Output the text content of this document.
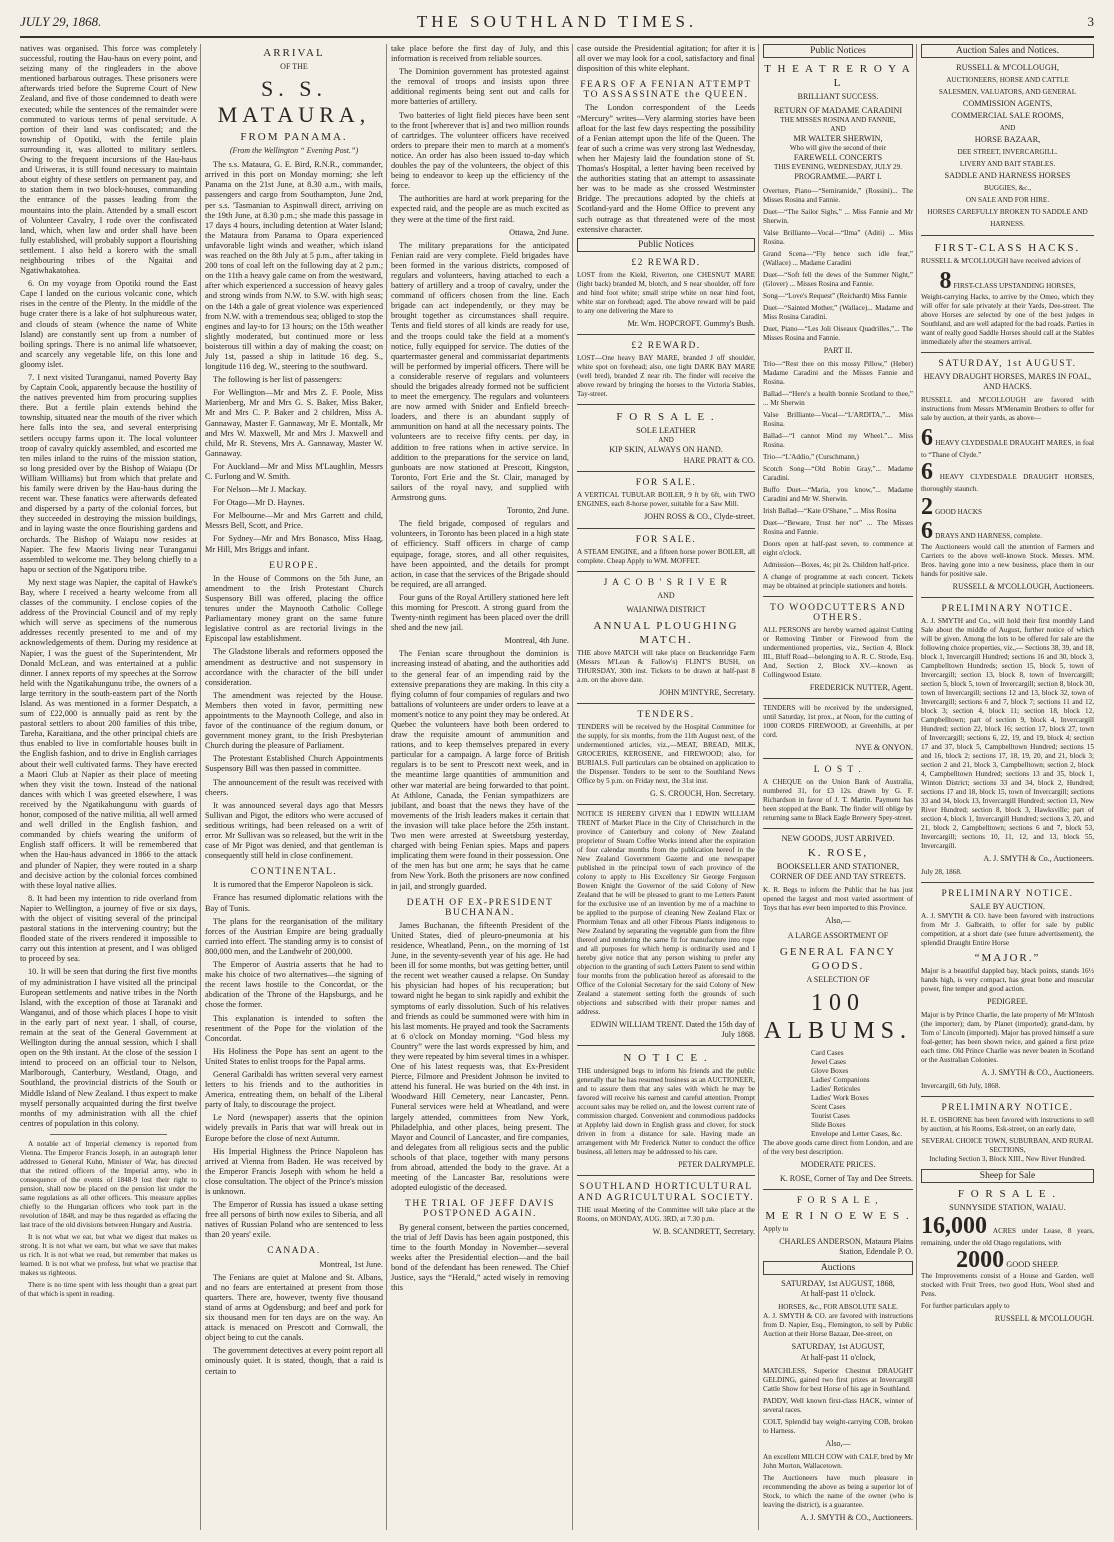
JULY 29, 1868.	THE SOUTHLAND TIMES.	3

natives was organised. This force was completely successful, routing the Hau-haus on every point, and seizing many of the ringleaders in the above mentioned barbarous outrages. These prisoners were afterwards tried before the Supreme Court of New Zealand, and five of those condemned to death were executed; while the sentences of the remainder were commuted to various terms of penal servitude. A portion of their land was confiscated; and the township of Opotiki, with the fertile plain surrounding it, was allotted to military settlers. Owing to the frequent incursions of the Hau-haus and Uriweras, it is still found necessary to maintain about eighty of these settlers on permanent pay, and to station them in two block-houses, commanding the entrance of the passes leading from the mountains into the plain. Attended by a small escort of Volunteer Cavalry, I rode over the confiscated land, which, when law and order shall have been fully established, will probably support a flourishing settlement. I also held a korero with the small neighbouring tribes of the Ngaitai and Ngatiwhakatohea.

6. On my voyage from Opotiki round the East Cape I landed on the curious volcanic cone, which rises in the centre of the Plenty. In the middle of the huge crater there is a lake of hot sulphureous water, and clouds of steam (whence the name of White Island) are constantly sent up from a number of boiling springs. There is no animal life whatsoever, and scarcely any vegetable life, on this lone and gloomy islet.

7. I next visited Turanganui, named Poverty Bay by Captain Cook, apparently because the hostility of the natives prevented him from procuring supplies there. But a fertile plain extends behind the township, situated near the mouth of the river which here falls into the sea, and several enterprising settlers occupy farms upon it. The local volunteer troop of cavalry quickly assembled, and escorted me ten miles inland to the ruins of the mission station, so long presided over by the Bishop of Waiapu (Dr William Williams) but from which that prelate and his family were driven by the Hau-haus during the recent war. These fanatics were afterwards defeated and dispersed by a party of the colonial forces, but they succeeded in destroying the mission buildings, and in laying waste the once flourishing gardens and orchards. The Bishop of Waiapu now resides at Napier. The few Maoris living near Turanganui assembled to welcome me. They belong chiefly to a hapu or section of the Ngatiporu tribe.

My next stage was Napier, the capital of Hawke's Bay, where I received a hearty welcome from all classes of the community. I enclose copies of the address of the Provincial Council and of my reply which will serve as specimens of the numerous addresses recently presented to me and of my acknowledgements of them. During my residence at Napier, I was the guest of the Superintendent, Mr Donald McLean, and was entertained at a public dinner. I annex reports of my speeches at the Sorrow held with the Ngatikahungunu tribe, the owners of a large territory in the south-eastern part of the North Island. As was mentioned in a former Despatch, a sum of £22,000 is annually paid as rent by the pastoral settlers to about 200 families of this tribe, Tareha, Karaitiana, and the other principal chiefs are thus enabled to live in comfortable houses built in the English fashion, and to drive in English carriages about their well cultivated farms. They have erected a Maori Club at Napier as their place of meeting when they visit the town. Instead of the national dances with which I was greeted elsewhere, I was received by the Ngatikahungunu with guards of honor, composed of the native militia, all well armed and well drilled in the English fashion, and commanded by chiefs wearing the uniform of English staff officers. It will be remembered that when the Hau-haus advanced in 1866 to the attack and plunder of Napier, they were routed in a sharp and decisive action by the colonial forces combined with these loyal native allies.

8. It had been my intention to ride overland from Napier to Wellington, a journey of five or six days, with the object of visiting several of the principal pastoral stations in the intervening country; but the flooded state of the rivers rendered it impossible to carry out this intention at present, and I was obliged to proceed by sea.

10. It will be seen that during the first five months of my administration I have visited all the principal European settlements and native tribes in the North Island, with the exception of those at Taranaki and Wanganui, and of those which places I hope to visit in the early part of next year. I shall, of course, remain at the seat of the General Government at Wellington during the annual session, which I shall open on the 9th instant. At the close of the session I intend to proceed on an official tour to Nelson, Marlborough, Canterbury, Westland, Otago, and Southland, the provincial districts of the South or Middle Island of New Zealand. I thus expect to make myself personally acquainted during the first twelve months of my administration with all the chief centres of population in this colony.

A notable act of Imperial clemency is reported from Vienna. The Emperor Francis Joseph, in an autograph letter addressed to General Kuhn, Minister of War, has directed that the retired officers of the Imperial army, who in consequence of the events of 1848-9 lost their right to pension, shall now be placed on the pension list under the same regulations as all other officers. This measure applies chiefly to the Hungarian officers who took part in the revolution of 1848, and may be thus regarded as effacing the last trace of the old divisions between Hungary and Austria.

It is not what we eat, but what we digest that makes us strong. It is not what we earn, but what we save that makes us rich. It is not what we read, but remember that makes us learned. It is not what we profess, but what we practise that makes us righteous.

There is no time spent with less thought than a great part of that which is spent in reading.

ARRIVAL
OF THE
S. S. MATAURA,
FROM PANAMA.
(From the Wellington “ Evening Post.”)

The s.s. Mataura, G. E. Bird, R.N.R., commander, arrived in this port on Monday morning; she left Panama on the 21st June, at 8.30 a.m., with mails, passengers and cargo from Southampton, June 2nd, per s.s. 'Tasmanian to Aspinwall direct, arriving on the 19th June, at 8.30 p.m.; she made this passage in 17 days 4 hours, including detention at Water Island; the Mataura from Panama to Opara experienced unfavorable light winds and weather, which island was reached on the 8th July at 5 p.m., after taking in 200 tons of coal left on the following day at 2 p.m.; on the 11th a heavy gale came on from the westward, after which experienced a succession of heavy gales and strong winds from N.W. to S.W. with high seas; on the 14th a gale of great violence was experienced from N.W. with a tremendous sea; obliged to stop the engines and lay-to for 13 hours; on the 15th weather slightly moderated, but continued more or less boisterous till within a day of making the coast; on July 1st, passed a ship in latitude 16 deg. S., longitude 116 deg. W., steering to the southward.

The following is her list of passengers:

For Wellington—Mr and Mrs Z. F. Poole, Miss Marienberg, Mr and Mrs G. S. Baker, Miss Baker, Mr and Mrs C. P. Baker and 2 children, Miss A. Gannaway, Master F. Gannaway, Mr E. Montalk, Mr and Mrs W. Maxwell, Mr and Mrs J. Maxwell and child, Mr R. Stevens, Mrs A. Gannaway, Master W. Gannaway.

For Auckland—Mr and Miss M'Laughlin, Messrs C. Furlong and W. Smith.

For Nelson—Mr J. Mackay.

For Otago—Mr D. Haynes.

For Melbourne—Mr and Mrs Garrett and child, Messrs Bell, Scott, and Price.

For Sydney—Mr and Mrs Bonasco, Miss Haag, Mr Hill, Mrs Briggs and infant.

EUROPE.

In the House of Commons on the 5th June, an amendment to the Irish Protestant Church Suspensory Bill was offered, placing the office tenures under the Maynooth Catholic College Parliamentary money grant on the same future legislative control as are rectorial livings in the Episcopal law establishment.

The Gladstone liberals and reformers opposed the amendment as destructive and not suspensory in accordance with the character of the bill under consideration.

The amendment was rejected by the House. Members then voted in favor, permitting new appointments to the Maynooth College, and also in favor of the continuance of the regium donum, or government money grant, to the Irish Presbyterian Church during the pleasure of Parliament.

The Protestant Established Church Appointments Suspensory Bill was then passed in committee.

The announcement of the result was received with cheers.

It was announced several days ago that Messrs Sullivan and Pigot, the editors who were accused of seditious writings, had been released on a writ of error. Mr Sullivan was so released, but the writ in the case of Mr Pigot was denied, and that gentleman is consequently still held in close confinement.

CONTINENTAL.

It is rumored that the Emperor Napoleon is sick.

France has resumed diplomatic relations with the Bay of Tunis.

The plans for the reorganisation of the military forces of the Austrian Empire are being gradually carried into effect. The standing army is to consist of 800,000 men, and the Landwehr of 200,000.

The Emperor of Austria asserts that he had to make his choice of two alternatives—the signing of the recent laws hostile to the Concordat, or the abdication of the Throne of the Hapsburgs, and he chose the former.

This explanation is intended to soften the resentment of the Pope for the violation of the Concordat.

His Holiness the Pope has sent an agent to the United States to enlist troops for the Papal arms.

General Garibaldi has written several very earnest letters to his friends and to the authorities in America, entreating them, on behalf of the Liberal party of Italy, to discourage the project.

Le Nord (newspaper) asserts that the opinion widely prevails in Paris that war will break out in Europe before the close of next Autumn.

His Imperial Highness the Prince Napoleon has arrived at Vienna from Baden. He was received by the Emperor Francis Joseph with whom he held a close consultation. The object of the Prince's mission is unknown.

The Emperor of Russia has issued a ukase setting free all persons of birth now exiles to Siberia, and all natives of Russian Poland who are sentenced to less than 20 years' exile.

CANADA.

Montreal, 1st June.

The Fenians are quiet at Malone and St. Albans, and no fears are entertained at present from those quarters. There are, however, twenty five thousand stand of arms at Ogdensburg; and beef and pork for six thousand men for ten days are on the way. An attack is menaced on Prescott and Cornwall, the object being to cut the canals.

The government detectives at every point report all ominously quiet. It is stated, though, that a raid is certain to

take place before the first day of July, and this information is received from reliable sources.

The Dominion government has protested against the removal of troops and insists upon three additional regiments being sent out and calls for more batteries of artillery.

Two batteries of light field pieces have been sent to the front [wherever that is] and two million rounds of cartridges. The volunteer officers have received orders to prepare their men to march at a moment's notice. An order has also been issued to-day which doubles the pay of the volunteers, the object of this being to endeavor to keep up the efficiency of the force.

The authorities are hard at work preparing for the expected raid, and the people are as much excited as they were at the time of the first raid.

Ottawa, 2nd June.

The military preparations for the anticipated Fenian raid are very complete. Field brigades have been formed in the various districts, composed of regulars and volunteers, having attached to each a battery of artillery and a troop of cavalry, under the command of officers chosen from the line. Each brigade can act independently, or they may be brought together as circumstances shall require. Tents and field stores of all kinds are ready for use, and the troops could take the field at a moment's notice, fully equipped for service. The duties of the quartermaster general and commissariat departments will be performed by imperial officers. There will be a considerable reserve of regulars and volunteers should the brigades already formed not be sufficient to meet the emergency. The regulars and volunteers are now armed with Snider and Enfield breech-loaders, and there is an abundant supply of ammunition on hand at all the necessary points. The volunteers are to receive fifty cents. per day, in addition to free rations when in active service. In addition to the preparations for the service on land, gunboats are now stationed at Prescott, Kingston, Toronto, Fort Erie and the St. Clair, managed by sailors of the royal navy, and supplied with Armstrong guns.

Toronto, 2nd June.

The field brigade, composed of regulars and volunteers, in Toronto has been placed in a high state of efficiency. Staff officers in charge of camp equipage, forage, stores, and all other requisites, have been appointed, and the details for prompt action, in case that the services of the Brigade should be required, are all arranged.

Four guns of the Royal Artillery stationed here left this morning for Prescott. A strong guard from the Twenty-ninth regiment has been placed over the drill shed and the new jail.

Montreal, 4th June.

The Fenian scare throughout the dominion is increasing instead of abating, and the authorities add to the general fear of an impending raid by the extensive preparations they are making. In this city a flying column of four companies of regulars and two battalions of volunteers are under orders to leave at a moment's notice to any point they may be ordered. At Quebec the volunteers have both been ordered to draw the requisite amount of ammunition and rations, and to keep themselves prepared in every particular for a campaign. A large force of British regulars is to be sent to Prescott next week, and in the meantime large quantities of ammunition and other war material are being forwarded to that point. At Athlone, Canada, the Fenian sympathizers are jubilant, and boast that the news they have of the movements of the Irish leaders makes it certain that the invasion will take place before the 25th instant. Two men were arrested at Sweetsburg yesterday, charged with being Fenian spies. Maps and papers implicating them were found in their possession. One of the men has but one arm; he says that he came from New York. Both the prisoners are now confined in jail, and strongly guarded.

DEATH OF EX-PRESIDENT BUCHANAN.

James Buchanan, the fifteenth President of the United States, died of pleuro-pneumonia at his residence, Wheatland, Penn., on the morning of 1st June, in the seventy-seventh year of his age. He had been ill for some months, but was getting better, until the recent wet weather caused a relapse. On Sunday his physician had hopes of his recuperation; but toward night he began to sink rapidly and exhibit the symptoms of early dissolution. Such of his relatives and friends as could be summoned were with him in his last moments. He prayed and took the Sacraments at 6 o'clock on Monday morning. “God bless my Country” were the last words expressed by him, and they were repeated by him several times in a whisper. One of his latest requests was, that Ex-President Pierce, Filmore and President Johnson be invited to attend his funeral. He was buried on the 4th inst. in Woodward Hill Cemetery, near Lancaster, Penn. Funeral services were held at Wheatland, and were largely attended, committees from New York, Philadelphia, and other places, being present. The Mayor and Council of Lancaster, and fire companies, and delegates from all religious sects and the public schools of that place, together with many persons from abroad, attended the body to the grave. At a meeting of the Lancaster Bar, resolutions were adopted eulogistic of the deceased.

THE TRIAL OF JEFF DAVIS POSTPONED AGAIN.

By general consent, between the parties concerned, the trial of Jeff Davis has been again postponed, this time to the fourth Monday in November—several weeks after the Presidential election—and the bail bond of the defendant has been renewed. The Chief Justice, says the “Herald,” acted wisely in removing this

case outside the Presidential agitation; for after it is all over we may look for a cool, satisfactory and final disposition of this white elephant.

FEARS OF A FENIAN ATTEMPT TO ASSASSINATE the QUEEN.

The London correspondent of the Leeds “Mercury” writes—Very alarming stories have been afloat for the last few days respecting the possibility of a Fenian attempt upon the life of the Queen. The fear of such a crime was very strong last Wednesday, when her Majesty laid the foundation stone of St. Thomas's Hospital, a letter having been received by the authorities stating that an attempt to assassinate her was to be made as she crossed Westminster Bridge. The precautions adopted by the chiefs at Scotland-yard and the Home Office to prevent any such outrage as that threatened were of the most extensive character.

Public Notices
£2 REWARD.

LOST from the Kiekl, Riverton, one CHESNUT MARE (light back) branded M, blotch, and S near shoulder, off fore and hind foot white; small stripe white on near hind foot, white star on forehead; aged. The above reward will be paid to any one delivering the Mare to

Mr. Wm. HOPCROFT. Gummy's Bush.
£2 REWARD.

LOST—One heavy BAY MARE, branded J off shoulder, white spot on forehead; also, one light DARK BAY MARE (well bred), branded Z near rib. The finder will receive the above reward by bringing the horses to the Victoria Stables, Tay-street.

F O R S A L E .
SOLE LEATHER
AND
KIP SKIN, ALWAYS ON HAND.
HARE PRATT & CO.
FOR SALE.

A VERTICAL TUBULAR BOILER, 9 ft by 6ft, with TWO ENGINES, each 8-horse power, suitable for a Saw Mill.

JOHN ROSS & CO., Clyde-street.
FOR SALE.

A STEAM ENGINE, and a fifteen horse power BOILER, all complete. Cheap Apply to WM. MOFFET.

J A C O B ' S R I V E R
AND
WAIANIWA DISTRICT
ANNUAL PLOUGHING MATCH.

THE above MATCH will take place on Brackenridge Farm (Messrs M'Lean & Fallow's) FLINT'S BUSH, on THURSDAY, 30th inst. Tickets to be drawn at half-past 8 a.m. on the above date.

JOHN M'INTYRE, Secretary.
TENDERS.

TENDERS will be received by the Hospital Committee for the supply, for six months, from the 11th August next, of the undermentioned articles, viz.,—MEAT, BREAD, MILK, GROCERIES, KEROSENE, and FIREWOOD; also, for BURIALS. Full particulars can be obtained on application to the Dispenser. Tenders to be sent to the Southland News Office by 5 p.m. on Friday next, the 31st inst.

G. S. CROUCH, Hon. Secretary.

NOTICE IS HEREBY GIVEN that I EDWIN WILLIAM TRENT of Market Place in the City of Christchurch in the province of Canterbury and colony of New Zealand proprietor of Steam Coffee Works intend after the expiration of four calendar months from the publication hereof in the New Zealand Government Gazette and one newspaper published in the principal town of each province of the colony to apply to His Excellency Sir George Ferguson Bowen Knight the Governor of the said Colony of New Zealand that he will be pleased to grant to me Letters Patent for the exclusive use of an invention by me of a machine to be applied to the purpose of cleaning New Zealand Flax or Phormium Tenax and all other Fibrous Plants indigenous to New Zealand by separating the vegetable gum from the fibre thereof and rendering the same fit for manufacture into rope and all purposes for which hemp is ordinarily used and I hereby give notice that any person wishing to prefer any objection to the granting of such Letters Patent to send within four months from the publication hereof as aforesaid to the Office of the Colonial Secretary for the said Colony of New Zealand a statement setting forth the grounds of such objections and subscribed with their proper names and address.

EDWIN WILLIAM TRENT. Dated the 15th day of July 1868.
N O T I C E .

THE undersigned begs to inform his friends and the public generally that he has resumed business as an AUCTIONEER, and to assure them that any sales with which he may be favored will receive his earnest and careful attention. Prompt account sales may be relied on, and the lowest current rate of commission charged. Convenient and commodious paddocks at Appleby laid down in English grass and clover, for stock driven in from a distance for sale. Having made an arrangement with Mr Frederick Nutter to conduct the office business, all letters may be addressed to his care.

PETER DALRYMPLE.
SOUTHLAND HORTICULTURAL AND AGRICULTURAL SOCIETY.

THE usual Meeting of the Committee will take place at the Rooms, on MONDAY, AUG. 3RD, at 7.30 p.m.

W. B. SCANDRETT, Secretary.
Public Notices
T H E A T R E R O Y A L
BRILLIANT SUCCESS.
RETURN OF MADAME CARADINI
THE MISSES ROSINA AND FANNIE,
AND
MR WALTER SHERWIN,
Who will give the second of their
FAREWELL CONCERTS
THIS EVENING, WEDNESDAY, JULY 29.
PROGRAMME.—PART I.

Overture, Piano—“Semiramide,” (Rossini)... The Misses Rosina and Fannie.

Duet—“The Sailor Sighs,” ... Miss Fannie and Mr Sherwin.

Valse Brilliante—Vocal—“Ilma” (Aditi) ... Miss Rosina.

Grand Scena—“Fly hence such idle fear,” (Wallace) ... Madame Caradini

Duet—“Soft fell the dews of the Summer Night,” (Glover) ... Misses Rosina and Fannie.

Song—“Love's Request” (Reichardt) Miss Fannie

Duet—“Sainted Mother,” (Wallace)... Madame and Miss Rosina Caradini.

Duet, Piano—“Les Joli Oiseaux Quadrilles,”... The Misses Rosina and Fannie.

PART II.

Trio—“Rest thee on this mossy Pillow,” (Heber) Madame Caradini and the Misses Fannie and Rosina.

Ballad—“Here's a health bonnie Scotland to thee,” ... Mr Sherwin

Valse Brilliante—Vocal—“L'ARDITA,”... Miss Rosina.

Ballad—“I cannot Mind my Wheel.”... Miss Rosina.

Trio—“L'Addio,” (Curschmann,)

Scotch Song—“Old Robin Gray,”... Madame Caradini.

Buffo Duet—“Maria, you know,”... Madame Caradini and Mr W. Sherwin.

Irish Ballad—“Kate O'Shane,” ... Miss Rosina

Duet—“Beware, Trust her not” ... The Misses Rosina and Fannie.

Doors open at half-past seven, to commence at eight o'clock.

Admission—Boxes, 4s; pit 2s. Children half-price.

A change of programme at each concert. Tickets may be obtained at principle stationers and hotels.

TO WOODCUTTERS AND OTHERS.

ALL PERSONS are hereby warned against Cutting or Removing Timber or Firewood from the undermentioned properties, viz., Section 4, Block III., Bluff Road—belonging to A. R. C. Strode, Esq. And, Section 2, Block XV.—known as Collingwood Estate.

FREDERICK NUTTER, Agent.

TENDERS will be received by the undersigned, until Saturday, 1st prox., at Noon, for the cutting of 1000 CORDS FIREWOOD, at Greenhills, at per cord.

NYE & ONYON.
L O S T .

A CHEQUE on the Union Bank of Australia, numbered 31, for £3 12s. drawn by G. F. Richardson in favor of J. T. Martin. Payment has been stopped at the Bank. The finder will oblige by returning same to Black Eagle Brewery Spey-street.

NEW GOODS, JUST ARRIVED.
K. ROSE,
BOOKSELLER AND STATIONER,
CORNER OF DEE AND TAY STREETS.

K. R. Begs to inform the Public that he has just opened the largest and most varied assortment of Toys that has ever been imported to this Province.

Also,—
A LARGE ASSORTMENT OF
GENERAL FANCY GOODS.
A SELECTION OF
100 ALBUMS.
Card Cases
Jewel Cases
Glove Boxes
Ladies' Companions
Ladies' Reticules
Ladies' Work Boxes
Scent Cases
Tourist Cases
Slide Boxes
Envelope and Letter Cases, &c.

The above goods came direct from London, and are of the very best description.

MODERATE PRICES.
K. ROSE, Corner of Tay and Dee Streets.
F O R S A L E ,
M E R I N O E W E S .

Apply to

CHARLES ANDERSON, Mataura Plains Station, Edendale P. O.
Auctions
SATURDAY, 1st AUGUST, 1868,
At half-past 11 o'clock.
HORSES, &c., FOR ABSOLUTE SALE.

A. J. SMYTH & CO. are favored with instructions from D. Napier, Esq., Flemington, to sell by Public Auction at their Horse Bazaar, Dee-street, on

SATURDAY, 1st AUGUST,
At half-past 11 o'clock,

MATCHLESS, Superior Chestnut DRAUGHT GELDING, gained two first prizes at Invercargill Cattle Show for best Horse of his age in Southland.

PADDY, Well known first-class HACK, winner of several races.

COLT, Splendid bay weight-carrying COB, broken to Harness.

Also,—

An excellent MILCH COW with CALF, bred by Mr John Morton, Wallacetown.

The Auctioneers have much pleasure in recommending the above as being a superior lot of Stock, to which the name of the owner (who is leaving the district), is a guarantee.

A. J. SMYTH & CO., Auctioneers.
Auction Sales and Notices.
RUSSELL & M'COLLOUGH,
AUCTIONEERS, HORSE AND CATTLE
SALESMEN, VALUATORS, AND GENERAL
COMMISSION AGENTS,
COMMERCIAL SALE ROOMS,
AND
HORSE BAZAAR,
DEE STREET, INVERCARGILL.
LIVERY AND BAIT STABLES.
SADDLE AND HARNESS HORSES
BUGGIES, &c.,
ON SALE AND FOR HIRE.
HORSES CAREFULLY BROKEN TO SADDLE AND HARNESS.
FIRST-CLASS HACKS.

RUSSELL & M'COLLOUGH have received advices of

8 FIRST-CLASS UPSTANDING HORSES,

Weight-carrying Hacks, to arrive by the Omeo, which they will offer for sale privately at their Yards, Dee-street. The above Horses are selected by one of the best judges in Southland, and are well adapted for the bad roads. Parties in want of really good Saddle Horses should call at the Stables immediately after the steamers arrival.

SATURDAY, 1st AUGUST.
HEAVY DRAUGHT HORSES, MARES IN FOAL, AND HACKS.

RUSSELL and M'COLLOUGH are favored with instructions from Messrs M'Menamin Brothers to offer for sale by auction, at their yards, as above—

6 HEAVY CLYDESDALE DRAUGHT MARES, in foal to “Thane of Clyde.”
6 HEAVY CLYDESDALE DRAUGHT HORSES, thoroughly staunch.
2 GOOD HACKS
6 DRAYS AND HARNESS, complete.

The Auctioneers would call the attention of Farmers and Carriers to the above well-known Stock. Messrs. M'M. Bros. having gone into a new business, place them in our hands for positive sale.

RUSSELL & M'COLLOUGH, Auctioneers.
PRELIMINARY NOTICE.

A. J. SMYTH and Co., will hold their first monthly Land Sale about the middle of August, further notice of which will be given. Among the lots to be offered for sale are the following choice properties, viz.,— Sections 38, 39, and 18, block 1, Invercargill Hundred; sections 16 and 30, block 3, Campbelltown Hundreds; section 15, block 5, town of Invercargill; section 13, block 8, town of Invercargill; section 5, block 5, town of Invercargill; section 8, block 30, town of Invercargill; sections 12 and 13, block 32, town of Invercargill; sections 6 and 7, block 7; sections 11 and 12, block 3; section 4, block 11; section 18, block 12, Campbelltown; part of section 9, block 4, Invercargill Hundred; section 22, block 16; section 17, block 27, town of Invercargill; sections 6, 22, 19, and 19, block 4; section 17 and 37, block 5, Campbelltown Hundred; sections 15 and 16, block 2; sections 17, 18, 19, 20, and 21, block 3; section 2 and 21, block 3, Campbelltown; section 2, block 4, Campbelltown Hundred; sections 13 and 35, block 1, Winton District; sections 33 and 34, block 2, Hundred; sections 17 and 18, block 15, town of Invercargill; sections 33 and 34, block 13, Invercargill Hundred; section 13, New River Hundred; section 8, block 3, Hawksville; part of section 4, block 1, Invercargill Hundred; sections 3, 20, and 21, block 2, Campbelltown; sections 6 and 7, block 53, Invercargill; sections 10, 11, 12, and 13, block 55, Invercargill.

A. J. SMYTH & Co., Auctioneers.

July 28, 1868.

PRELIMINARY NOTICE.
SALE BY AUCTION.

A. J. SMYTH & CO. have been favored with instructions from Mr J. Galbraith, to offer for sale by public competition, at a short date (see future advertisement), the splendid Draught Entire Horse

“MAJOR.”

Major is a beautiful dappled bay, black points, stands 16½ hands high, is very compact, has great bone and muscular power, fine temper and good action.

PEDIGREE.

Major is by Prince Charlie, the late property of Mr M'Intosh (the importer); dam, by Planet (imported); grand-dam, by Tom o' Lincoln (imported). Major has proved himself a sure foal-getter; has been shown twice, and gained a first prize each time. Old Prince Charlie was never beaten in Scotland or the Australian Colonies.

A. J. SMYTH & CO., Auctioneers.

Invercargill, 6th July, 1868.

PRELIMINARY NOTICE.

H. E. OSBORNE has been favored with instructions to sell by auction, at his Rooms, Esk-street, on an early date,

SEVERAL CHOICE TOWN, SUBURBAN, AND RURAL SECTIONS,
Including Section 3, Block XIII., New River Hundred.
Sheep for Sale
F O R S A L E .
SUNNYSIDE STATION, WAIAU.
16,000 ACRES under Lease, 8 years, remaining, under the old Otago regulations, with
2000 GOOD SHEEP.

The Improvements consist of a House and Garden, well stocked with Fruit Trees, two good Huts, Wool shed and Pens.

For further particulars apply to

RUSSELL & M'COLLOUGH.
